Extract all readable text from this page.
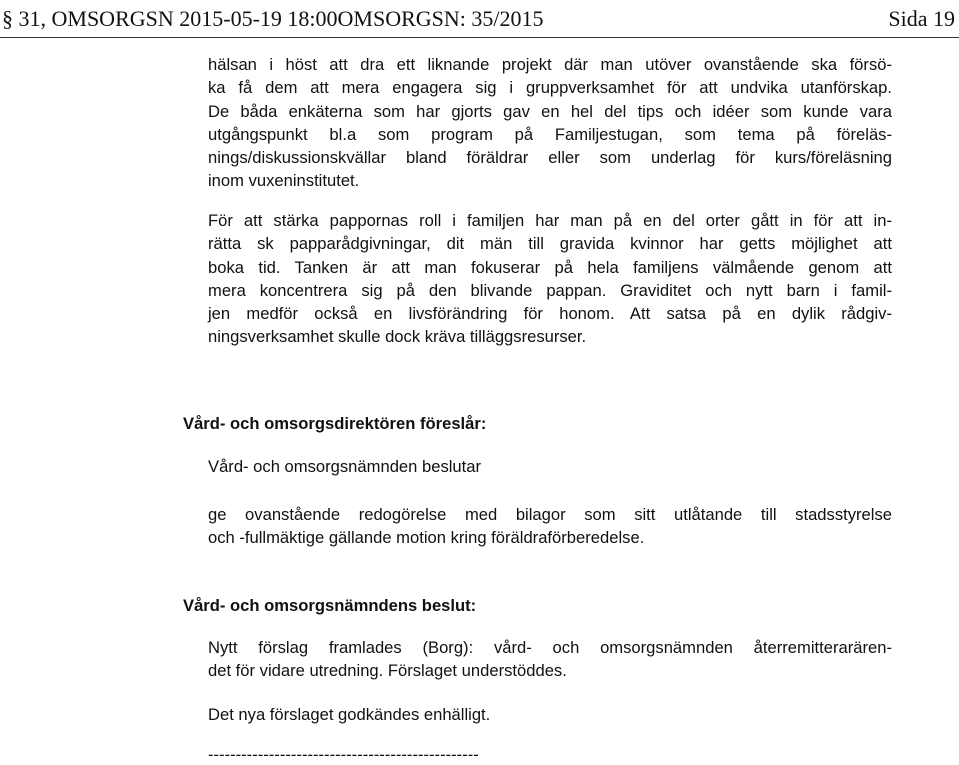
§ 31, OMSORGSN 2015-05-19 18:00OMSORGSN: 35/2015	Sida 19
hälsan i höst att dra ett liknande projekt där man utöver ovanstående ska försö-
ka få dem att mera engagera sig i gruppverksamhet för att undvika utanförskap.
De båda enkäterna som har gjorts gav en hel del tips och idéer som kunde vara
utgångspunkt bl.a som program på Familjestugan, som tema på föreläs-
nings/diskussionskvällar bland föräldrar eller som underlag för kurs/föreläsning
inom vuxeninstitutet.
För att stärka pappornas roll i familjen har man på en del orter gått in för att in-
rätta sk papparådgivningar, dit män till gravida kvinnor har getts möjlighet att
boka tid. Tanken är att man fokuserar på hela familjens välmående genom att
mera koncentrera sig på den blivande pappan. Graviditet och nytt barn i famil-
jen medför också en livsförändring för honom. Att satsa på en dylik rådgiv-
ningsverksamhet skulle dock kräva tilläggsresurser.
Vård- och omsorgsdirektören föreslår:
Vård- och omsorgsnämnden beslutar
ge ovanstående redogörelse med bilagor som sitt utlåtande till stadsstyrelse
och -fullmäktige gällande motion kring föräldraförberedelse.
Vård- och omsorgsnämndens beslut:
Nytt förslag framlades (Borg): vård- och omsorgsnämnden återremitterarären-
det för vidare utredning. Förslaget understöddes.
Det nya förslaget godkändes enhälligt.
-------------------------------------------------
